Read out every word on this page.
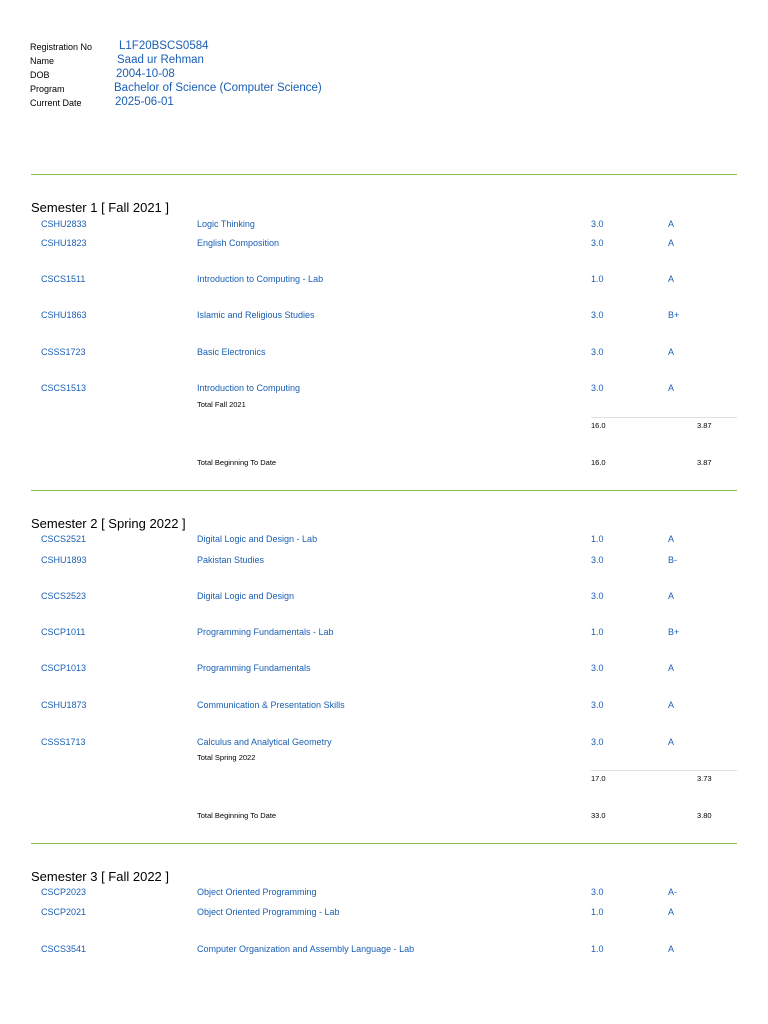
Registration No L1F20BSCS0584
Name	Saad ur Rehman
DOB	2004-10-08
Program	Bachelor of Science (Computer Science)
Current Date	2025-06-01
Semester 1 [ Fall 2021 ]
CSHU2833	Logic Thinking	3.0	A
CSHU1823	English Composition	3.0	A
CSCS1511	Introduction to Computing - Lab	1.0	A
CSHU1863	Islamic and Religious Studies	3.0	B+
CSSS1723	Basic Electronics	3.0	A
CSCS1513	Introduction to Computing	3.0	A
Total Fall 2021
16.0	3.87
Total Beginning To Date	16.0	3.87
Semester 2 [ Spring 2022 ]
CSCS2521	Digital Logic and Design - Lab	1.0	A
CSHU1893	Pakistan Studies	3.0	B-
CSCS2523	Digital Logic and Design	3.0	A
CSCP1011	Programming Fundamentals - Lab	1.0	B+
CSCP1013	Programming Fundamentals	3.0	A
CSHU1873	Communication & Presentation Skills	3.0	A
CSSS1713	Calculus and Analytical Geometry	3.0	A
Total Spring 2022
17.0	3.73
Total Beginning To Date	33.0	3.80
Semester 3 [ Fall 2022 ]
CSCP2023	Object Oriented Programming	3.0	A-
CSCP2021	Object Oriented Programming - Lab	1.0	A
CSCS3541	Computer Organization and Assembly Language - Lab	1.0	A
